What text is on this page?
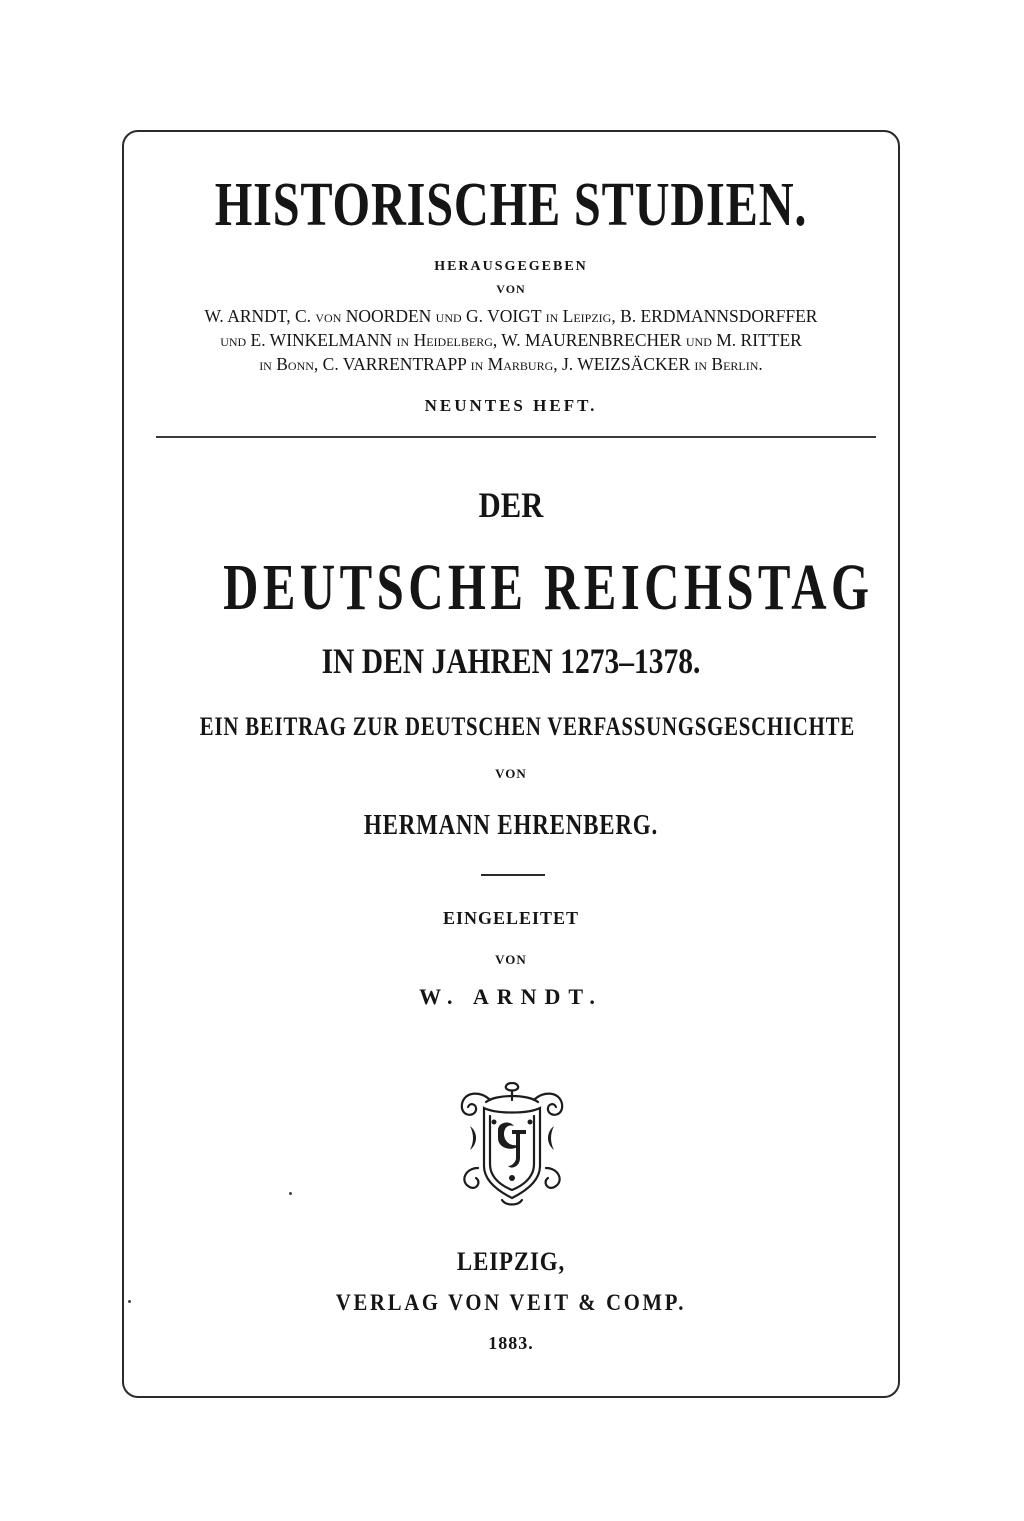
HISTORISCHE STUDIEN.
HERAUSGEGEBEN
VON
W. ARNDT, C. von NOORDEN und G. VOIGT in Leipzig, B. ERDMANNSDORFFER
und E. WINKELMANN in Heidelberg, W. MAURENBRECHER und M. RITTER
in Bonn, C. VARRENTRAPP in Marburg, J. WEIZSÄCKER in Berlin.
NEUNTES HEFT.
DER
DEUTSCHE REICHSTAG
IN DEN JAHREN 1273–1378.
EIN BEITRAG ZUR DEUTSCHEN VERFASSUNGSGESCHICHTE
VON
HERMANN EHRENBERG.
EINGELEITET
VON
W. ARNDT.
LEIPZIG,
VERLAG VON VEIT & COMP.
1883.
